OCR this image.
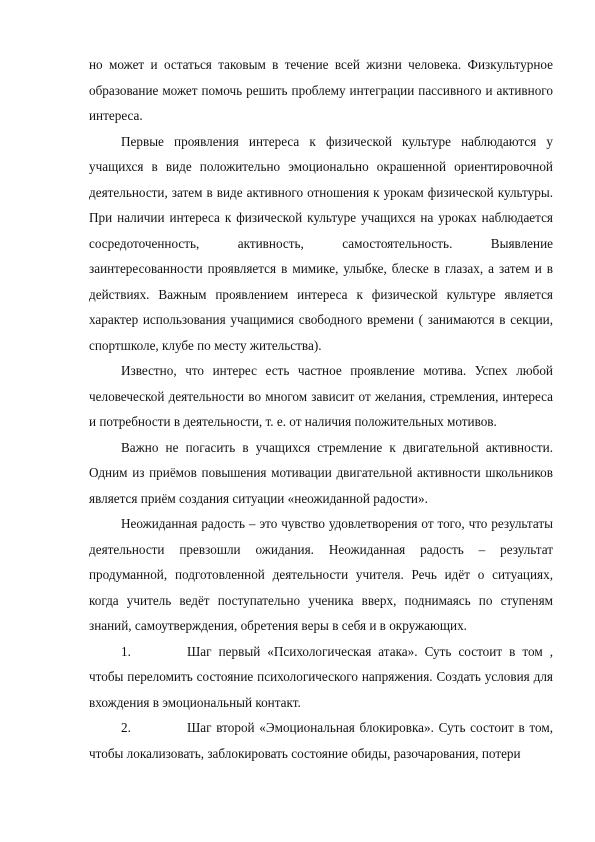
но может и остаться таковым в течение всей жизни человека. Физкультурное образование может помочь решить проблему интеграции пассивного и активного интереса.

Первые проявления интереса к физической культуре наблюдаются у учащихся в виде положительно эмоционально окрашенной ориентировочной деятельности, затем в виде активного отношения к урокам физической культуры. При наличии интереса к физической культуре учащихся на уроках наблюдается сосредоточенность, активность, самостоятельность. Выявление заинтересованности проявляется в мимике, улыбке, блеске в глазах, а затем и в действиях. Важным проявлением интереса к физической культуре является характер использования учащимися свободного времени ( занимаются в секции, спортшколе, клубе по месту жительства).

Известно, что интерес есть частное проявление мотива. Успех любой человеческой деятельности во многом зависит от желания, стремления, интереса и потребности в деятельности, т. е. от наличия положительных мотивов.

Важно не погасить в учащихся стремление к двигательной активности. Одним из приёмов повышения мотивации двигательной активности школьников является приём создания ситуации «неожиданной радости».

Неожиданная радость – это чувство удовлетворения от того, что результаты деятельности превзошли ожидания. Неожиданная радость – результат продуманной, подготовленной деятельности учителя. Речь идёт о ситуациях, когда учитель ведёт поступательно ученика вверх, поднимаясь по ступеням знаний, самоутверждения, обретения веры в себя и в окружающих.

1.	Шаг первый «Психологическая атака». Суть состоит в том , чтобы переломить состояние психологического напряжения. Создать условия для вхождения в эмоциональный контакт.

2.	Шаг второй «Эмоциональная блокировка». Суть состоит в том, чтобы локализовать, заблокировать состояние обиды, разочарования, потери
